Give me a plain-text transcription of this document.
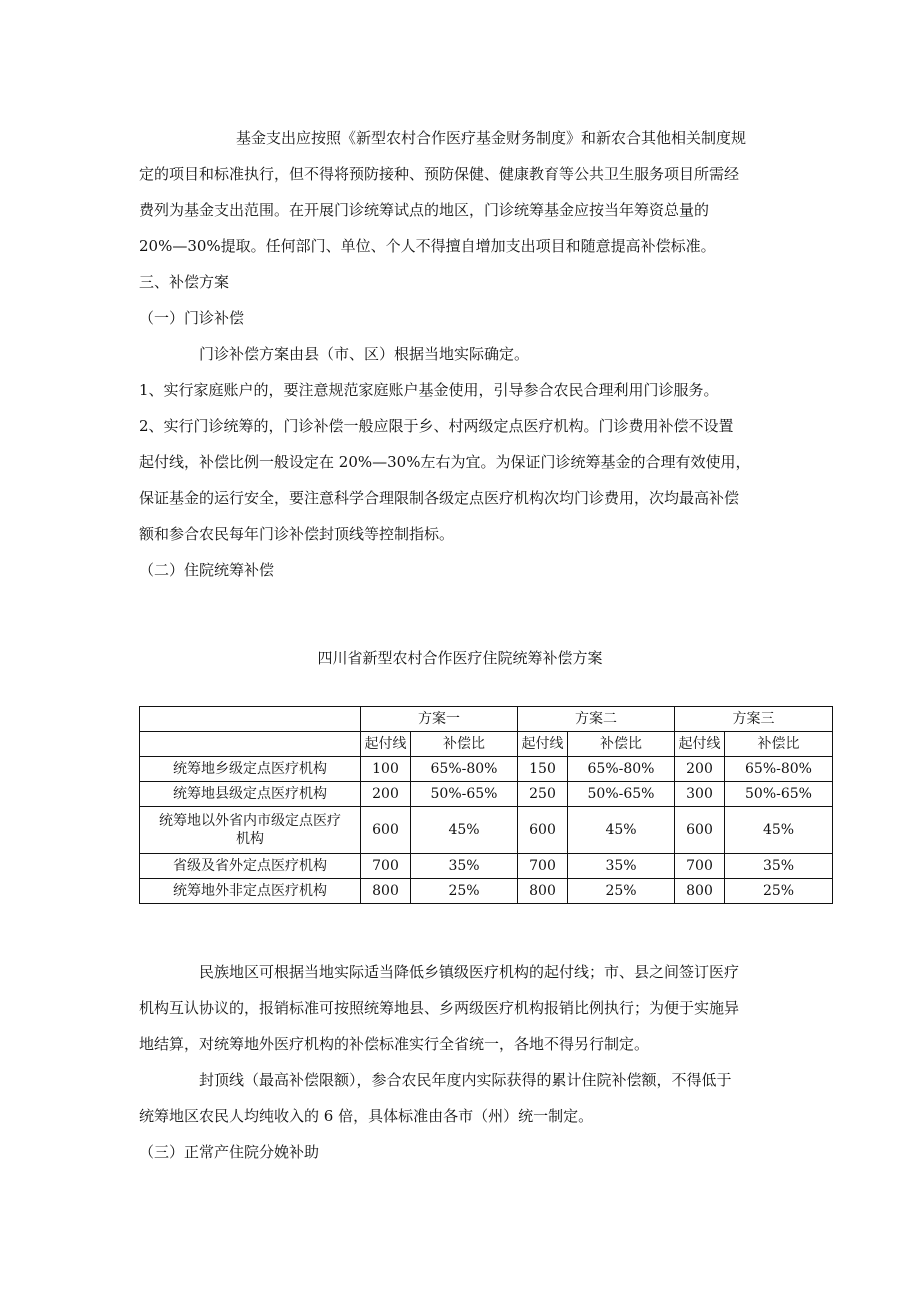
基金支出应按照《新型农村合作医疗基金财务制度》和新农合其他相关制度规
定的项目和标准执行，但不得将预防接种、预防保健、健康教育等公共卫生服务项目所需经
费列为基金支出范围。在开展门诊统筹试点的地区，门诊统筹基金应按当年筹资总量的
20%—30%提取。任何部门、单位、个人不得擅自增加支出项目和随意提高补偿标准。
三、补偿方案
（一）门诊补偿
门诊补偿方案由县（市、区）根据当地实际确定。
1、实行家庭账户的，要注意规范家庭账户基金使用，引导参合农民合理利用门诊服务。
2、实行门诊统筹的，门诊补偿一般应限于乡、村两级定点医疗机构。门诊费用补偿不设置
起付线，补偿比例一般设定在 20%—30%左右为宜。为保证门诊统筹基金的合理有效使用，
保证基金的运行安全，要注意科学合理限制各级定点医疗机构次均门诊费用，次均最高补偿
额和参合农民每年门诊补偿封顶线等控制指标。
（二）住院统筹补偿
四川省新型农村合作医疗住院统筹补偿方案
	方案一		方案二		方案三	
	起付线	补偿比	起付线	补偿比	起付线	补偿比
统筹地乡级定点医疗机构	100	65%-80%	150	65%-80%	200	65%-80%
统筹地县级定点医疗机构	200	50%-65%	250	50%-65%	300	50%-65%

统筹地以外省内市级定点医疗
机构	600	45%	600	45%	600	45%
省级及省外定点医疗机构	700	35%	700	35%	700	35%
统筹地外非定点医疗机构	800	25%	800	25%	800	25%
民族地区可根据当地实际适当降低乡镇级医疗机构的起付线；市、县之间签订医疗
机构互认协议的，报销标准可按照统筹地县、乡两级医疗机构报销比例执行；为便于实施异
地结算，对统筹地外医疗机构的补偿标准实行全省统一，各地不得另行制定。
封顶线（最高补偿限额），参合农民年度内实际获得的累计住院补偿额，不得低于
统筹地区农民人均纯收入的 6 倍，具体标准由各市（州）统一制定。
（三）正常产住院分娩补助
